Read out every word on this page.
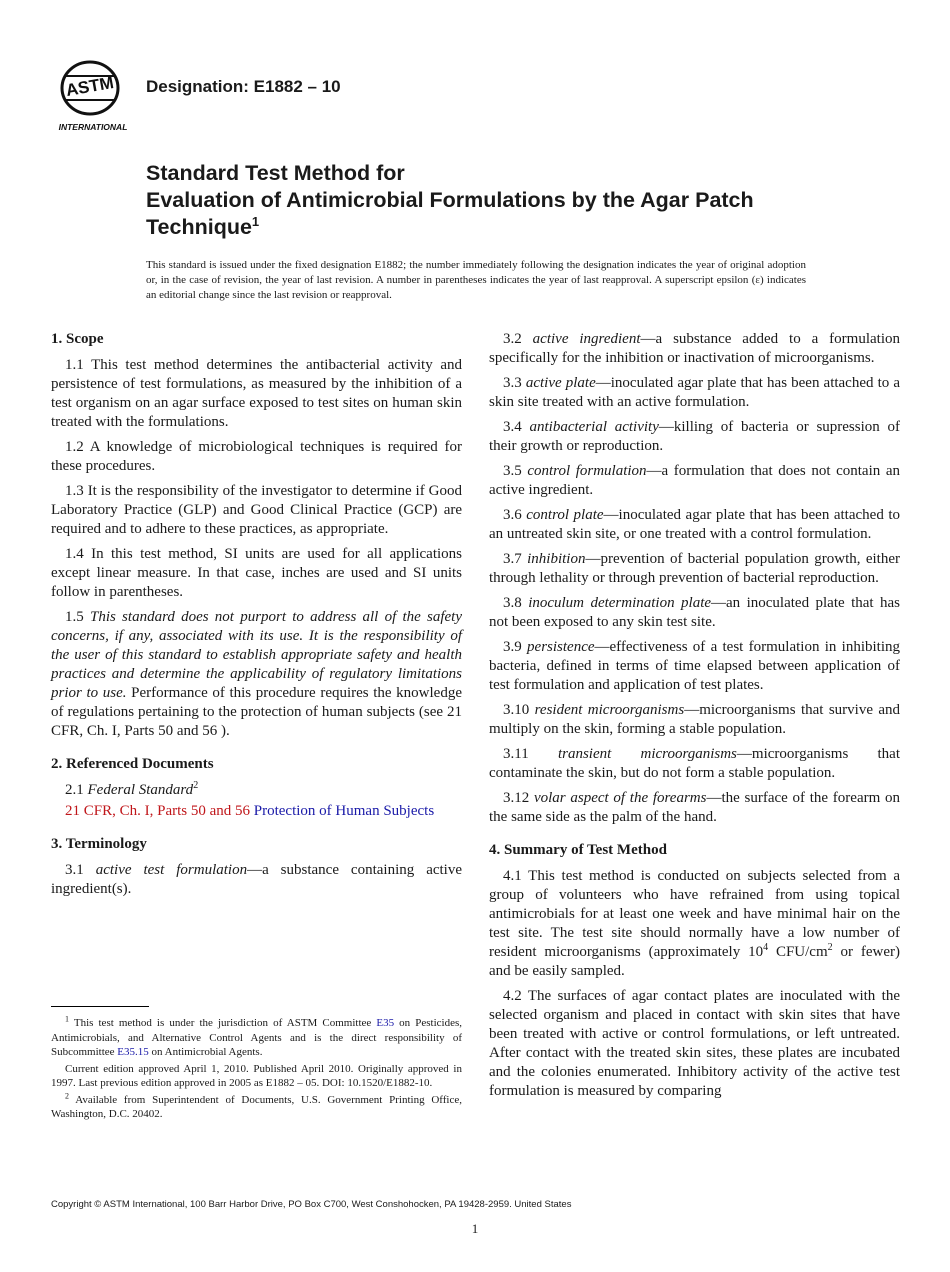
ASTM
INTERNATIONAL
Designation: E1882 – 10
Standard Test Method for
Evaluation of Antimicrobial Formulations by the Agar Patch Technique$^1$
This standard is issued under the fixed designation E1882; the number immediately following the designation indicates the year of original adoption or, in the case of revision, the year of last revision. A number in parentheses indicates the year of last reapproval. A superscript epsilon (ε) indicates an editorial change since the last revision or reapproval.
1. Scope

1.1 This test method determines the antibacterial activity and persistence of test formulations, as measured by the inhibition of a test organism on an agar surface exposed to test sites on human skin treated with the formulations.

1.2 A knowledge of microbiological techniques is required for these procedures.

1.3 It is the responsibility of the investigator to determine if Good Laboratory Practice (GLP) and Good Clinical Practice (GCP) are required and to adhere to these practices, as appropriate.

1.4 In this test method, SI units are used for all applications except linear measure. In that case, inches are used and SI units follow in parentheses.

1.5 This standard does not purport to address all of the safety concerns, if any, associated with its use. It is the responsibility of the user of this standard to establish appropriate safety and health practices and determine the applicability of regulatory limitations prior to use. Performance of this procedure requires the knowledge of regulations pertaining to the protection of human subjects (see 21 CFR, Ch. I, Parts 50 and 56 ).

2. Referenced Documents

2.1 Federal Standard$^2$

21 CFR, Ch. I, Parts 50 and 56 Protection of Human Subjects

3. Terminology

3.1 active test formulation—a substance containing active ingredient(s).

$^1$ This test method is under the jurisdiction of ASTM Committee E35 on Pesticides, Antimicrobials, and Alternative Control Agents and is the direct responsibility of Subcommittee E35.15 on Antimicrobial Agents.

Current edition approved April 1, 2010. Published April 2010. Originally approved in 1997. Last previous edition approved in 2005 as E1882 – 05. DOI: 10.1520/E1882-10.

$^2$ Available from Superintendent of Documents, U.S. Government Printing Office, Washington, D.C. 20402.

3.2 active ingredient—a substance added to a formulation specifically for the inhibition or inactivation of microorganisms.

3.3 active plate—inoculated agar plate that has been attached to a skin site treated with an active formulation.

3.4 antibacterial activity—killing of bacteria or supression of their growth or reproduction.

3.5 control formulation—a formulation that does not contain an active ingredient.

3.6 control plate—inoculated agar plate that has been attached to an untreated skin site, or one treated with a control formulation.

3.7 inhibition—prevention of bacterial population growth, either through lethality or through prevention of bacterial reproduction.

3.8 inoculum determination plate—an inoculated plate that has not been exposed to any skin test site.

3.9 persistence—effectiveness of a test formulation in inhibiting bacteria, defined in terms of time elapsed between application of test formulation and application of test plates.

3.10 resident microorganisms—microorganisms that survive and multiply on the skin, forming a stable population.

3.11 transient microorganisms—microorganisms that contaminate the skin, but do not form a stable population.

3.12 volar aspect of the forearms—the surface of the forearm on the same side as the palm of the hand.

4. Summary of Test Method

4.1 This test method is conducted on subjects selected from a group of volunteers who have refrained from using topical antimicrobials for at least one week and have minimal hair on the test site. The test site should normally have a low number of resident microorganisms (approximately $10^4$ CFU/$cm^2$ or fewer) and be easily sampled.

4.2 The surfaces of agar contact plates are inoculated with the selected organism and placed in contact with skin sites that have been treated with active or control formulations, or left untreated. After contact with the treated skin sites, these plates are incubated and the colonies enumerated. Inhibitory activity of the active test formulation is measured by comparing

Copyright © ASTM International, 100 Barr Harbor Drive, PO Box C700, West Conshohocken, PA 19428-2959. United States
1
